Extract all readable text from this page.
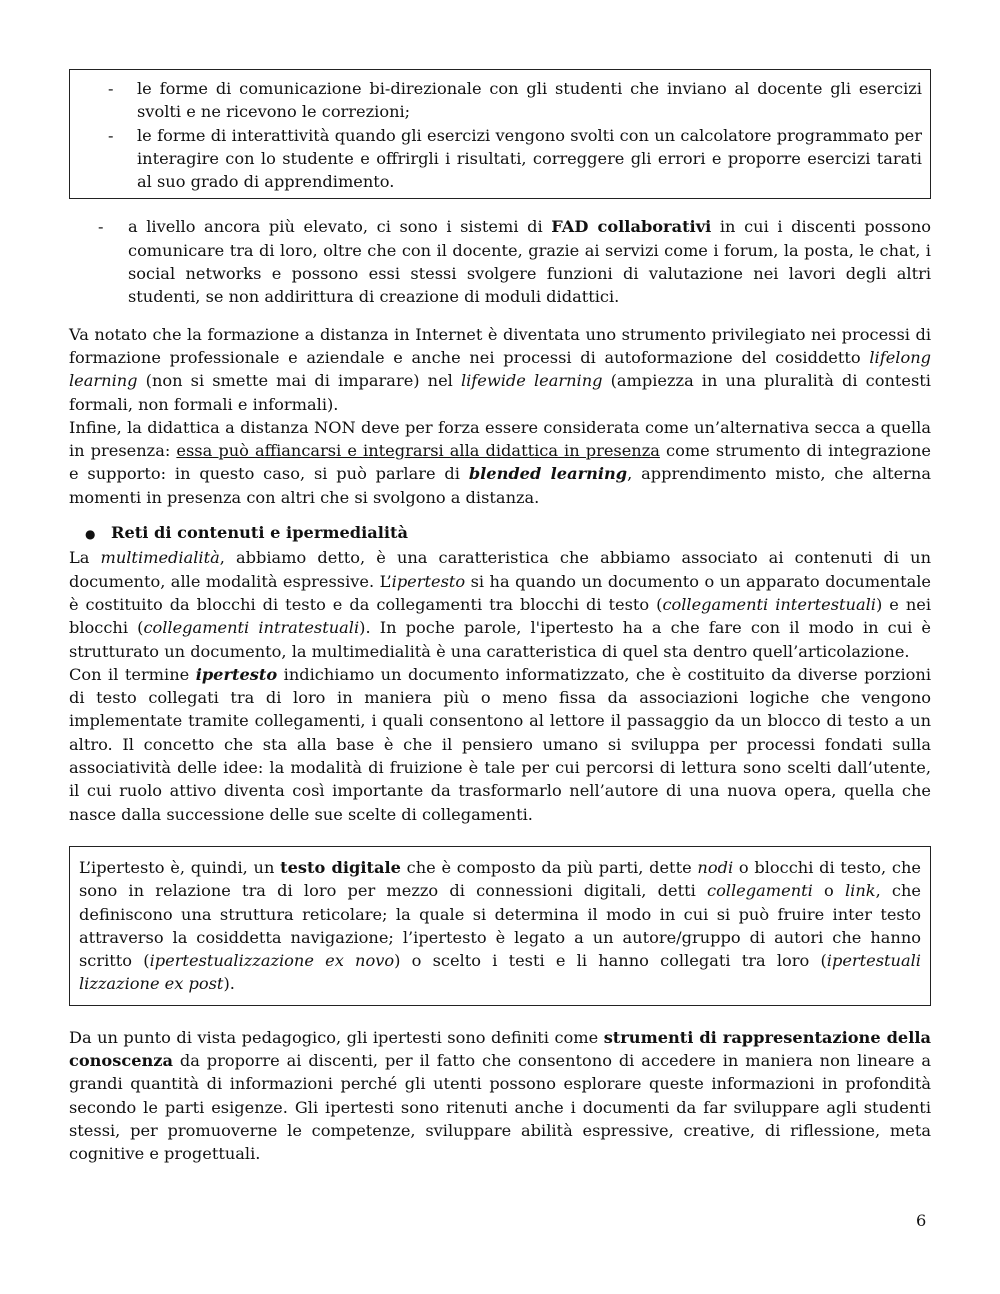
- le forme di comunicazione bi-direzionale con gli studenti che inviano al docente gli esercizi svolti e ne ricevono le correzioni;
- le forme di interattività quando gli esercizi vengono svolti con un calcolatore programmato per interagire con lo studente e offrirgli i risultati, correggere gli errori e proporre esercizi tarati al suo grado di apprendimento.
- a livello ancora più elevato, ci sono i sistemi di FAD collaborativi in cui i discenti possono comunicare tra di loro, oltre che con il docente, grazie ai servizi come i forum, la posta, le chat, i social networks e possono essi stessi svolgere funzioni di valutazione nei lavori degli altri studenti, se non addirittura di creazione di moduli didattici.

Va notato che la formazione a distanza in Internet è diventata uno strumento privilegiato nei processi di formazione professionale e aziendale e anche nei processi di autoformazione del cosiddetto lifelong learning (non si smette mai di imparare) nel lifewide learning (ampiezza in una pluralità di contesti formali, non formali e informali).

Infine, la didattica a distanza NON deve per forza essere considerata come un’alternativa secca a quella in presenza: essa può affiancarsi e integrarsi alla didattica in presenza come strumento di integrazione e supporto: in questo caso, si può parlare di blended learning, apprendimento misto, che alterna momenti in presenza con altri che si svolgono a distanza.

● Reti di contenuti e ipermedialità

La multimedialità, abbiamo detto, è una caratteristica che abbiamo associato ai contenuti di un documento, alle modalità espressive. L’ipertesto si ha quando un documento o un apparato documentale è costituito da blocchi di testo e da collegamenti tra blocchi di testo (collegamenti intertestuali) e nei blocchi (collegamenti intratestuali). In poche parole, l'ipertesto ha a che fare con il modo in cui è strutturato un documento, la multimedialità è una caratteristica di quel sta dentro quell’articolazione.

Con il termine ipertesto indichiamo un documento informatizzato, che è costituito da diverse porzioni di testo collegati tra di loro in maniera più o meno fissa da associazioni logiche che vengono implementate tramite collegamenti, i quali consentono al lettore il passaggio da un blocco di testo a un altro. Il concetto che sta alla base è che il pensiero umano si sviluppa per processi fondati sulla associatività delle idee: la modalità di fruizione è tale per cui percorsi di lettura sono scelti dall’utente, il cui ruolo attivo diventa così importante da trasformarlo nell’autore di una nuova opera, quella che nasce dalla successione delle sue scelte di collegamenti.

L’ipertesto è, quindi, un testo digitale che è composto da più parti, dette nodi o blocchi di testo, che sono in relazione tra di loro per mezzo di connessioni digitali, detti collegamenti o link, che definiscono una struttura reticolare; la quale si determina il modo in cui si può fruire inter testo attraverso la cosiddetta navigazione; l’ipertesto è legato a un autore/gruppo di autori che hanno scritto (ipertestualizzazione ex novo) o scelto i testi e li hanno collegati tra loro (ipertestuali lizzazione ex post).

Da un punto di vista pedagogico, gli ipertesti sono definiti come strumenti di rappresentazione della conoscenza da proporre ai discenti, per il fatto che consentono di accedere in maniera non lineare a grandi quantità di informazioni perché gli utenti possono esplorare queste informazioni in profondità secondo le parti esigenze. Gli ipertesti sono ritenuti anche i documenti da far sviluppare agli studenti stessi, per promuoverne le competenze, sviluppare abilità espressive, creative, di riflessione, meta cognitive e progettuali.

6
